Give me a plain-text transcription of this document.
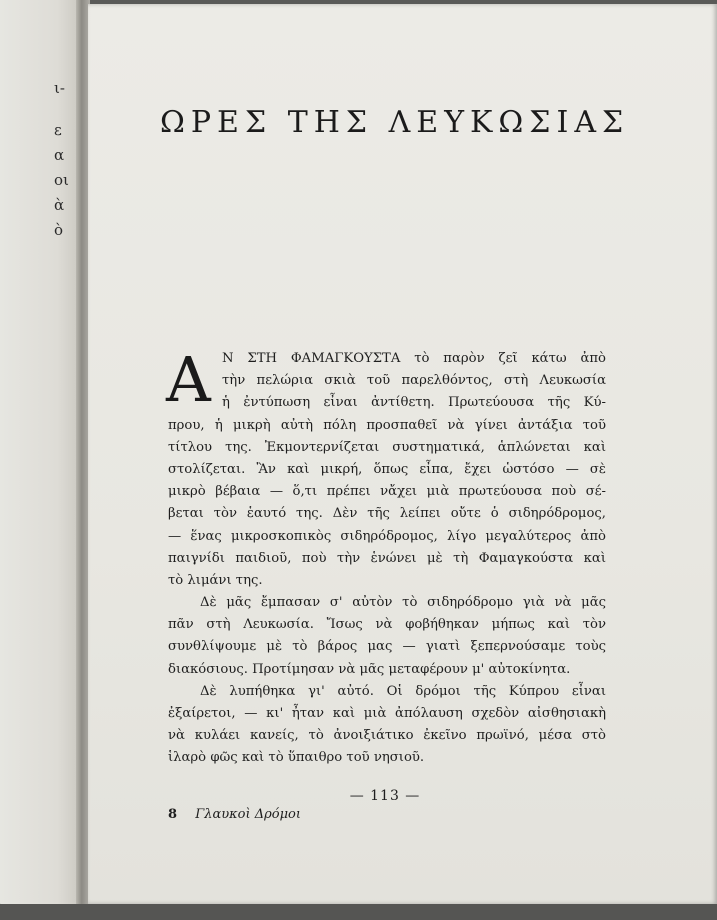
ι-
ε
α
οι
ὰ
ὸ
ΩΡΕΣ ΤΗΣ ΛΕΥΚΩΣΙΑΣ
Α Ν ΣΤΗ ΦΑΜΑΓΚΟΥΣΤΑ τὸ παρὸν ζεῖ κάτω ἀπὸ
τὴν πελώρια σκιὰ τοῦ παρελθόντος, στὴ Λευκωσία
ἡ ἐντύπωση εἶναι ἀντίθετη. Πρωτεύουσα τῆς Κύ-
πρου, ἡ μικρὴ αὐτὴ πόλη προσπαθεῖ νὰ γίνει ἀντάξια τοῦ
τίτλου της. Ἐκμοντερνίζεται συστηματικά, ἁπλώνεται καὶ
στολίζεται. Ἂν καὶ μικρή, ὅπως εἶπα, ἔχει ὡστόσο — σὲ
μικρὸ βέβαια — ὅ,τι πρέπει νἄχει μιὰ πρωτεύουσα ποὺ σέ-
βεται τὸν ἑαυτό της. Δὲν τῆς λείπει οὔτε ὁ σιδηρόδρομος,
— ἕνας μικροσκοπικὸς σιδηρόδρομος, λίγο μεγαλύτερος ἀπὸ
παιγνίδι παιδιοῦ, ποὺ τὴν ἑνώνει μὲ τὴ Φαμαγκούστα καὶ
τὸ λιμάνι της.
Δὲ μᾶς ἔμπασαν σ' αὐτὸν τὸ σιδηρόδρομο γιὰ νὰ μᾶς
πᾶν στὴ Λευκωσία. Ἴσως νὰ φοβήθηκαν μήπως καὶ τὸν
συνθλίψουμε μὲ τὸ βάρος μας — γιατὶ ξεπερνούσαμε τοὺς
διακόσιους. Προτίμησαν νὰ μᾶς μεταφέρουν μ' αὐτοκίνητα.
Δὲ λυπήθηκα γι' αὐτό. Οἱ δρόμοι τῆς Κύπρου εἶναι
ἐξαίρετοι, — κι' ἦταν καὶ μιὰ ἀπόλαυση σχεδὸν αἰσθησιακὴ
νὰ κυλάει κανείς, τὸ ἀνοιξιάτικο ἐκεῖνο πρωϊνό, μέσα στὸ
ἱλαρὸ φῶς καὶ τὸ ὕπαιθρο τοῦ νησιοῦ.
— 113 —
8 Γλαυκοὶ Δρόμοι
